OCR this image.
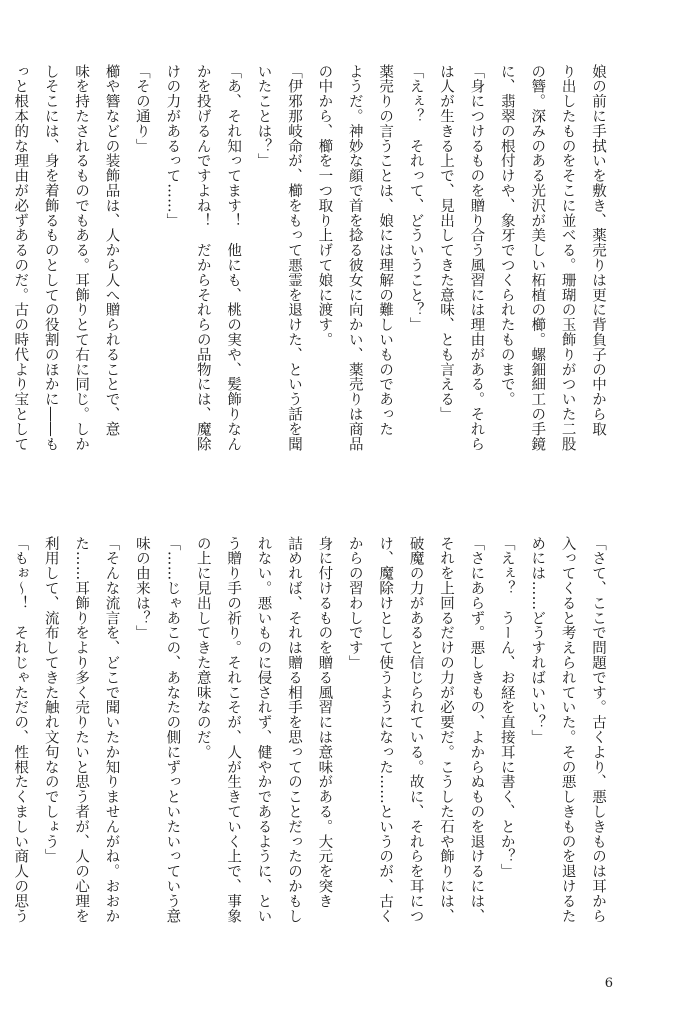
娘の前に手拭いを敷き、薬売りは更に背負子の中から取
り出したものをそこに並べる。珊瑚の玉飾りがついた二股
の簪。深みのある光沢が美しい柘植の櫛。螺鈿細工の手鏡
に、翡翠の根付けや、象牙でつくられたものまで。
「身につけるものを贈り合う風習には理由がある。それら
は人が生きる上で、見出してきた意味、とも言える」
「えぇ？　それって、どういうこと？」
薬売りの言うことは、娘には理解の難しいものであった
ようだ。神妙な顔で首を捻る彼女に向かい、薬売りは商品
の中から、櫛を一つ取り上げて娘に渡す。
「伊邪那岐命が、櫛をもって悪霊を退けた、という話を聞
いたことは？」
「あ、それ知ってます！　他にも、桃の実や、髪飾りなん
かを投げるんですよね！　だからそれらの品物には、魔除
けの力があるって……」
「その通り」
櫛や簪などの装飾品は、人から人へ贈られることで、意
味を持たされるものでもある。耳飾りとて右に同じ。しか
しそこには、身を着飾るものとしての役割のほかに――も
っと根本的な理由が必ずあるのだ。古の時代より宝として
「さて、ここで問題です。古くより、悪しきものは耳から
入ってくると考えられていた。その悪しきものを退けるた
めには……どうすればいい？」
「えぇ？　うーん、お経を直接耳に書く、とか？」
「さにあらず。悪しきもの、よからぬものを退けるには、
それを上回るだけの力が必要だ。こうした石や飾りには、
破魔の力があると信じられている。故に、それらを耳につ
け、魔除けとして使うようになった……というのが、古く
からの習わしです」
身に付けるものを贈る風習には意味がある。大元を突き
詰めれば、それは贈る相手を思ってのことだったのかもし
れない。悪いものに侵されず、健やかであるように、とい
う贈り手の祈り。それこそが、人が生きていく上で、事象
の上に見出してきた意味なのだ。
「……じゃあこの、あなたの側にずっといたいっていう意
味の由来は？」
「そんな流言を、どこで聞いたか知りませんがね。おおか
た……耳飾りをより多く売りたいと思う者が、人の心理を
利用して、流布してきた触れ文句なのでしょう」
「もぉ～！　それじゃただの、性根たくましい商人の思う
6
